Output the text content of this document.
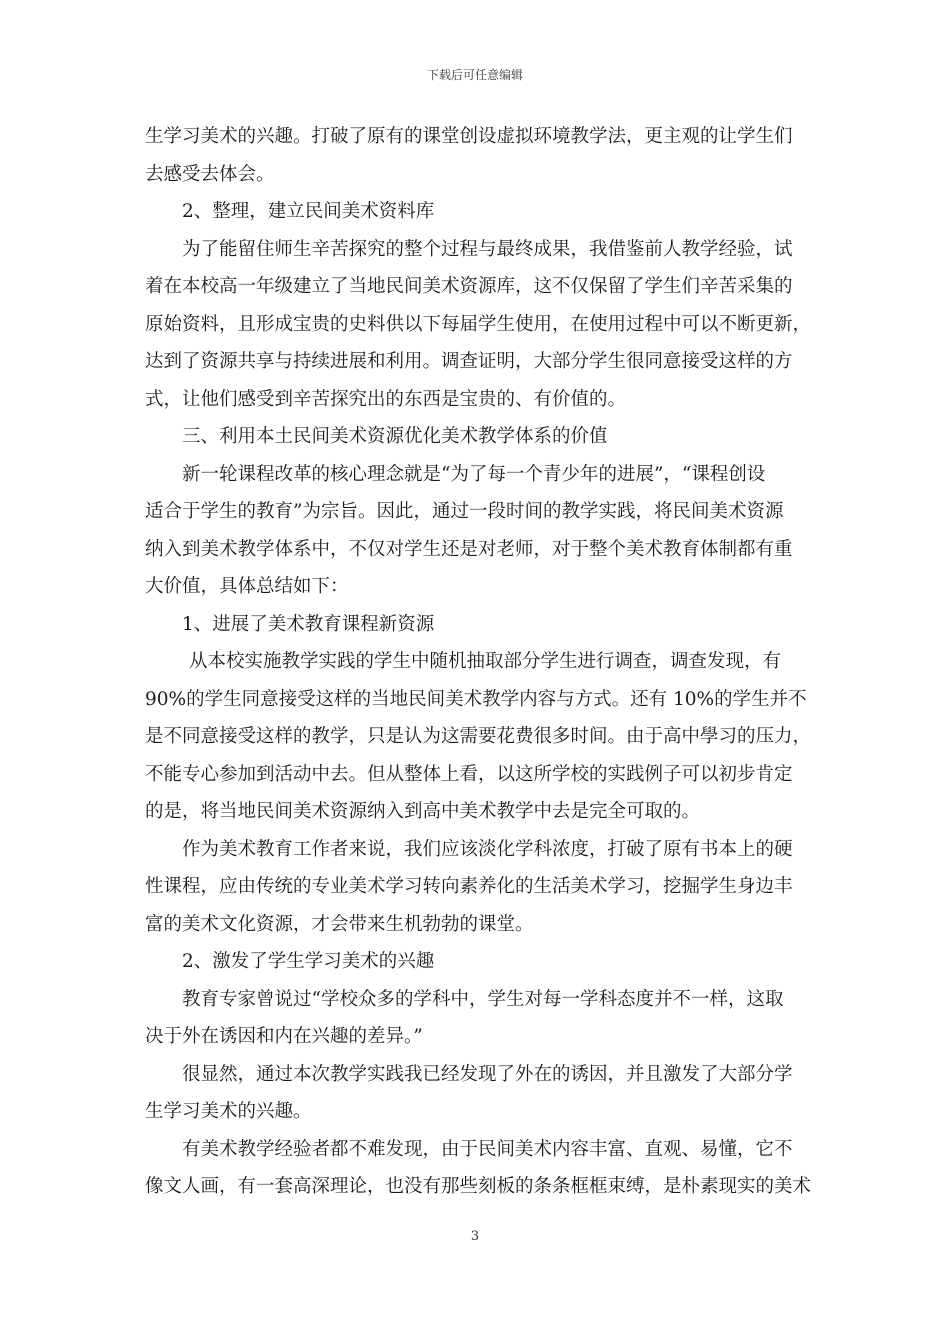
下载后可任意编辑
生学习美术的兴趣。打破了原有的课堂创设虚拟环境教学法，更主观的让学生们
去感受去体会。
2、整理，建立民间美术资料库
为了能留住师生辛苦探究的整个过程与最终成果，我借鉴前人教学经验，试
着在本校高一年级建立了当地民间美术资源库，这不仅保留了学生们辛苦采集的
原始资料，且形成宝贵的史料供以下每届学生使用，在使用过程中可以不断更新，
达到了资源共享与持续进展和利用。调查证明，大部分学生很同意接受这样的方
式，让他们感受到辛苦探究出的东西是宝贵的、有价值的。
三、利用本土民间美术资源优化美术教学体系的价值
新一轮课程改革的核心理念就是“为了每一个青少年的进展”，“课程创设
适合于学生的教育”为宗旨。因此，通过一段时间的教学实践，将民间美术资源
纳入到美术教学体系中，不仅对学生还是对老师，对于整个美术教育体制都有重
大价值，具体总结如下：
1、进展了美术教育课程新资源
从本校实施教学实践的学生中随机抽取部分学生进行调查，调查发现，有
90%的学生同意接受这样的当地民间美术教学内容与方式。还有 10%的学生并不
是不同意接受这样的教学，只是认为这需要花费很多时间。由于高中學习的压力，
不能专心参加到活动中去。但从整体上看，以这所学校的实践例子可以初步肯定
的是，将当地民间美术资源纳入到高中美术教学中去是完全可取的。
作为美术教育工作者来说，我们应该淡化学科浓度，打破了原有书本上的硬
性课程，应由传统的专业美术学习转向素养化的生活美术学习，挖掘学生身边丰
富的美术文化资源，才会带来生机勃勃的课堂。
2、激发了学生学习美术的兴趣
教育专家曾说过“学校众多的学科中，学生对每一学科态度并不一样，这取
决于外在诱因和内在兴趣的差异。”
很显然，通过本次教学实践我已经发现了外在的诱因，并且激发了大部分学
生学习美术的兴趣。
有美术教学经验者都不难发现，由于民间美术内容丰富、直观、易懂，它不
像文人画，有一套高深理论，也没有那些刻板的条条框框束缚，是朴素现实的美术
3
